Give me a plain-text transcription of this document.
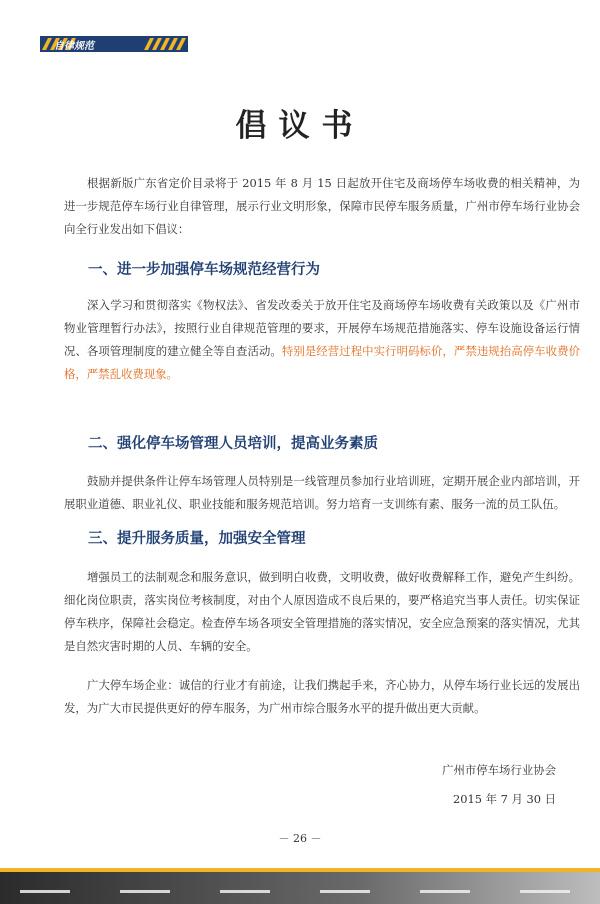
自律规范
倡议书
根据新版广东省定价目录将于 2015 年 8 月 15 日起放开住宅及商场停车场收费的相关精神，为进一步规范停车场行业自律管理，展示行业文明形象，保障市民停车服务质量，广州市停车场行业协会向全行业发出如下倡议：
一、进一步加强停车场规范经营行为
深入学习和贯彻落实《物权法》、省发改委关于放开住宅及商场停车场收费有关政策以及《广州市物业管理暂行办法》，按照行业自律规范管理的要求，开展停车场规范措施落实、停车设施设备运行情况、各项管理制度的建立健全等自查活动。特别是经营过程中实行明码标价，严禁违规抬高停车收费价格，严禁乱收费现象。
二、强化停车场管理人员培训，提高业务素质
鼓励并提供条件让停车场管理人员特别是一线管理员参加行业培训班，定期开展企业内部培训，开展职业道德、职业礼仪、职业技能和服务规范培训。努力培育一支训练有素、服务一流的员工队伍。
三、提升服务质量，加强安全管理
增强员工的法制观念和服务意识，做到明白收费，文明收费，做好收费解释工作，避免产生纠纷。细化岗位职责，落实岗位考核制度，对由个人原因造成不良后果的，要严格追究当事人责任。切实保证停车秩序，保障社会稳定。检查停车场各项安全管理措施的落实情况，安全应急预案的落实情况，尤其是自然灾害时期的人员、车辆的安全。
广大停车场企业：诚信的行业才有前途，让我们携起手来，齐心协力，从停车场行业长远的发展出发，为广大市民提供更好的停车服务，为广州市综合服务水平的提升做出更大贡献。
广州市停车场行业协会
2015 年 7 月 30 日
－ 26 －
